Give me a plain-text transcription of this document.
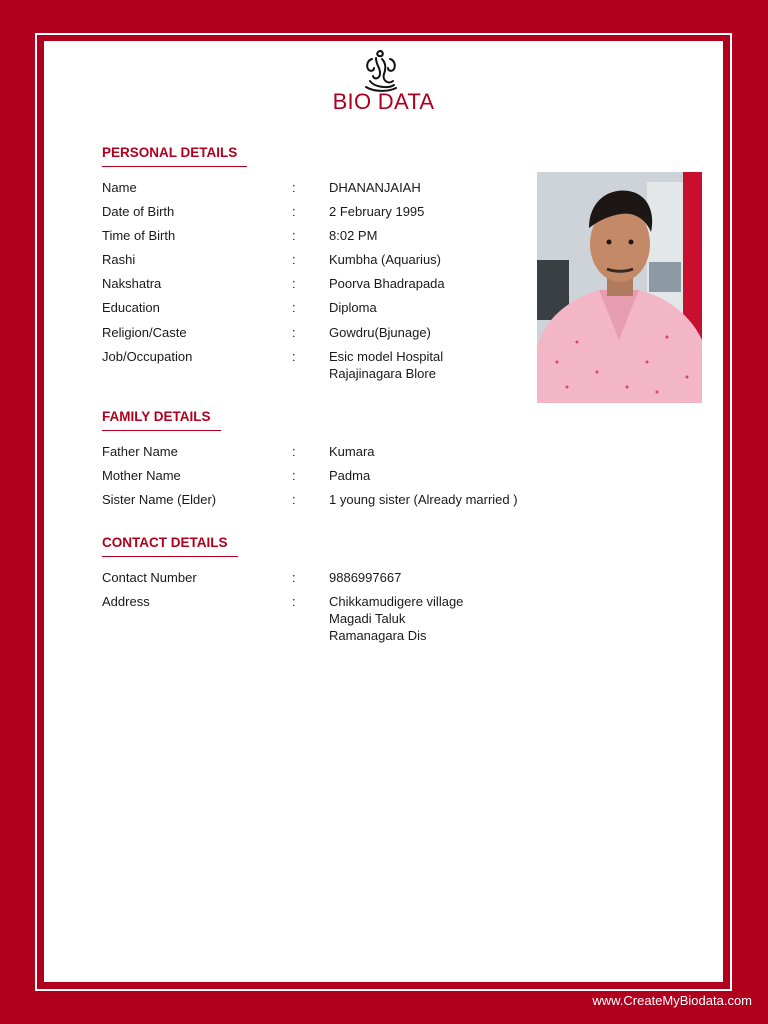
BIO DATA
PERSONAL DETAILS
Name	:	DHANANJAIAH
Date of Birth	:	2 February 1995
Time of Birth	:	8:02 PM
Rashi	:	Kumbha (Aquarius)
Nakshatra	:	Poorva Bhadrapada
Education	:	Diploma
Religion/Caste	:	Gowdru(Bjunage)
Job/Occupation	:	Esic model Hospital
Rajajinagara Blore
FAMILY DETAILS
Father Name	:	Kumara
Mother Name	:	Padma
Sister Name (Elder)	:	1 young sister (Already married )
CONTACT DETAILS
Contact Number	:	9886997667
Address	:	Chikkamudigere village
Magadi Taluk
Ramanagara Dis
www.CreateMyBiodata.com
